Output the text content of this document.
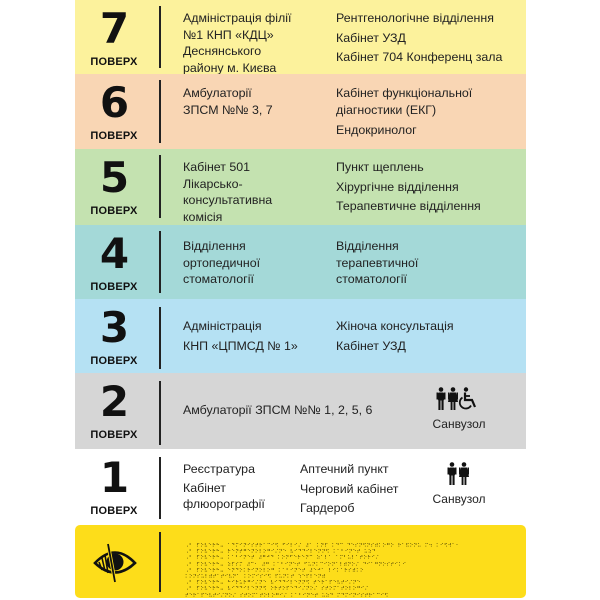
7
ПОВЕРХ
Адміністрація філії
№1 КНП «КДЦ»
Деснянського
району м. Києва
Рентгенологічне відділення
Кабінет УЗД
Кабінет 704 Конференц зала
6
ПОВЕРХ
Амбулаторії
ЗПСМ №№ 3, 7
Кабінет функціональної
діагностики (ЕКГ)
Ендокринолог
5
ПОВЕРХ
Кабінет 501
Лікарсько-
консультативна
комісія
Пункт щеплень
Хірургічне відділення
Терапевтичне відділення
4
ПОВЕРХ
Відділення
ортопедичної
стоматології
Відділення
терапевтичної
стоматології
3
ПОВЕРХ
Адміністрація
КНП «ЦПМСД № 1»
Жіноча консультація
Кабінет УЗД
2
ПОВЕРХ
Амбулаторії ЗПСМ №№ 1, 2, 5, 6
Санвузол
1
ПОВЕРХ
Реєстратура
Кабінет
флюорографії
Аптечний пункт
Черговий кабінет
Гардероб
Санвузол
⠠⠃ ⠏⠕⠧⠑⠗⠓⠤ ⠁⠙⠍⠊⠝⠊⠎⠞⠗⠁⠉⠊⠫ ⠋⠊⠇⠊⠌ ⠼⠁ ⠅⠝⠏ ⠅⠙⠉ ⠙⠑⠎⠝⠫⠝⠎⠾⠅⠕⠛⠕ ⠗⠁⠯⠕⠝⠥ ⠍⠲ ⠅⠊⠫⠺⠁⠂
⠠⠃ ⠏⠕⠧⠑⠗⠓⠤ ⠗⠑⠝⠞⠛⠑⠝⠕⠇⠕⠛⠊⠌⠝⠑ ⠧⠊⠙⠙⠊⠇⠑⠝⠝⠫ ⠅⠁⠃⠊⠝⠑⠞ ⠥⠵⠙
⠠⠃ ⠏⠕⠧⠑⠗⠓⠤ ⠅⠁⠃⠊⠝⠑⠞ ⠼⠛⠚⠙ ⠅⠕⠝⠋⠑⠗⠑⠝⠉ ⠵⠁⠇⠁ ⠁⠍⠃⠥⠇⠁⠞⠕⠗⠊⠌
⠠⠃ ⠏⠕⠧⠑⠗⠓⠤ ⠵⠏⠎⠍ ⠼⠉⠂ ⠼⠛ ⠅⠁⠃⠊⠝⠑⠞ ⠋⠥⠝⠅⠉⠊⠕⠝⠁⠇⠾⠝⠕⠌ ⠙⠊⠁⠛⠝⠕⠎⠞⠊⠅⠊
⠠⠃ ⠏⠕⠧⠑⠗⠓⠤ ⠑⠝⠙⠕⠅⠗⠊⠝⠕⠇⠕⠛ ⠅⠁⠃⠊⠝⠑⠞ ⠼⠑⠚⠁ ⠇⠊⠅⠁⠗⠎⠾⠅⠕
⠅⠕⠝⠎⠥⠇⠾⠞⠁⠞⠊⠧⠝⠁ ⠅⠕⠍⠊⠎⠊⠫ ⠏⠥⠝⠅⠞ ⠱⠑⠏⠇⠑⠝⠾
⠠⠃ ⠏⠕⠧⠑⠗⠓⠤ ⠓⠊⠗⠥⠗⠛⠊⠌⠝⠑ ⠧⠊⠙⠙⠊⠇⠑⠝⠝⠫ ⠞⠑⠗⠁⠏⠑⠧⠞⠊⠌⠝⠑
⠠⠃ ⠏⠕⠧⠑⠗⠓⠤ ⠧⠊⠙⠙⠊⠇⠑⠝⠝⠫ ⠕⠗⠞⠕⠏⠑⠙⠊⠌⠝⠕⠌ ⠎⠞⠕⠍⠁⠞⠕⠇⠕⠛⠊⠌
⠞⠑⠗⠁⠏⠑⠧⠞⠊⠌⠝⠕⠌ ⠎⠞⠕⠍⠁⠞⠕⠇⠕⠛⠊⠌ ⠅⠁⠃⠊⠝⠑⠞ ⠥⠵⠙ ⠍⠙⠍⠊⠝⠊⠎⠞⠗⠁⠉⠊⠫
